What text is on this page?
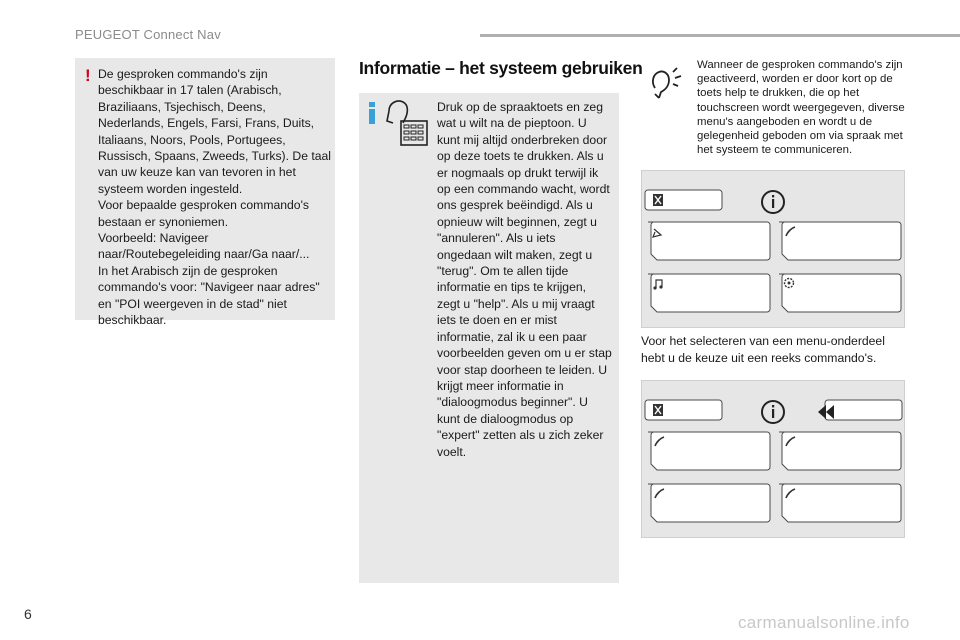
PEUGEOT Connect Nav
! De gesproken commando's zijn beschikbaar in 17 talen (Arabisch, Braziliaans, Tsjechisch, Deens, Nederlands, Engels, Farsi, Frans, Duits, Italiaans, Noors, Pools, Portugees, Russisch, Spaans, Zweeds, Turks). De taal van uw keuze kan van tevoren in het systeem worden ingesteld.
Voor bepaalde gesproken commando's bestaan er synoniemen.
Voorbeeld: Navigeer naar/Routebegeleiding naar/Ga naar/...
In het Arabisch zijn de gesproken commando's voor: "Navigeer naar adres" en "POI weergeven in de stad" niet beschikbaar.
Informatie – het systeem gebruiken
Druk op de spraaktoets en zeg wat u wilt na de pieptoon. U kunt mij altijd onderbreken door op deze toets te drukken. Als u er nogmaals op drukt terwijl ik op een commando wacht, wordt ons gesprek beëindigd. Als u opnieuw wilt beginnen, zegt u "annuleren". Als u iets ongedaan wilt maken, zegt u "terug". Om te allen tijde informatie en tips te krijgen, zegt u "help". Als u mij vraagt iets te doen en er mist informatie, zal ik u een paar voorbeelden geven om u er stap voor stap doorheen te leiden. U krijgt meer informatie in "dialoogmodus beginner". U kunt de dialoogmodus op "expert" zetten als u zich zeker voelt.
Wanneer de gesproken commando's zijn geactiveerd, worden er door kort op de toets help te drukken, die op het touchscreen wordt weergegeven, diverse menu's aangeboden en wordt u de gelegenheid geboden om via spraak met het systeem te communiceren.
Voor het selecteren van een menu-onderdeel hebt u de keuze uit een reeks commando's.
6	carmanualsonline.info
